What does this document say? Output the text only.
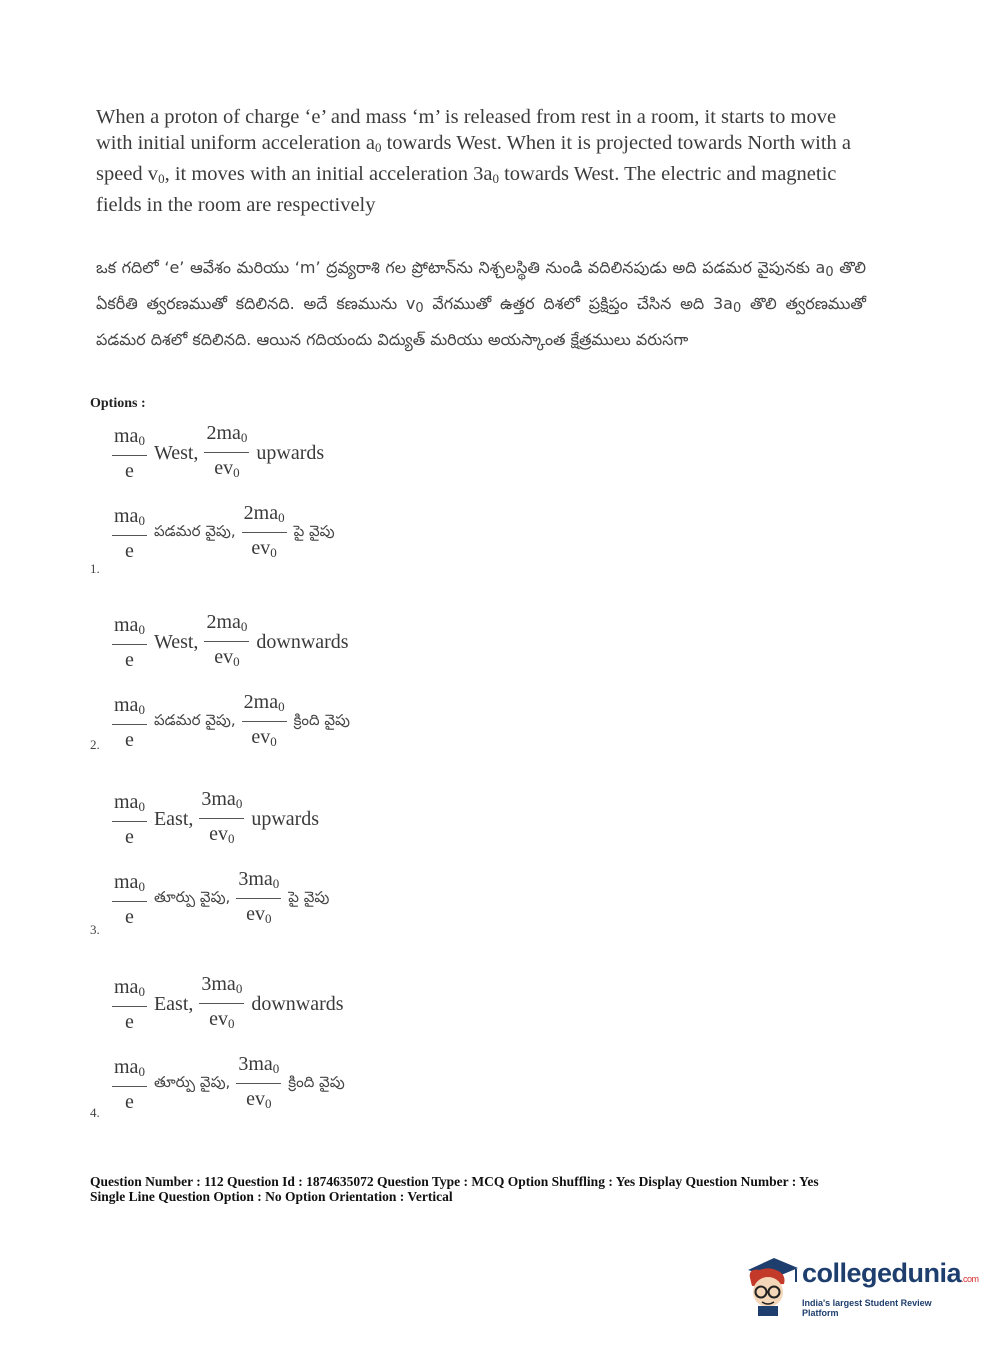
When a proton of charge ‘e’ and mass ‘m’ is released from rest in a room, it starts to move with initial uniform acceleration $a_0$ towards West. When it is projected towards North with a speed $v_0$, it moves with an initial acceleration $3a_0$ towards West. The electric and magnetic fields in the room are respectively

ఒక గదిలో ‘e’ ఆవేశం మరియు ‘m’ ద్రవ్యరాశి గల ప్రోటాన్‌ను నిశ్చలస్థితి నుండి వదిలినపుడు అది పడమర వైపునకు $a_0$ తొలి ఏకరీతి త్వరణముతో కదిలినది. అదే కణమును $v_0$ వేగముతో ఉత్తర దిశలో ప్రక్షిప్తం చేసిన అది $3a_0$ తొలి త్వరణముతో పడమర దిశలో కదిలినది. ఆయిన గదియందు విద్యుత్ మరియు అయస్కాంత క్షేత్రములు వరుసగా

Options :
$\frac{ma_0}{e}$ West, $\frac{2ma_0}{ev_0}$ upwards
$\frac{ma_0}{e}$ పడమర వైపు, $\frac{2ma_0}{ev_0}$ పై వైపు
1.
$\frac{ma_0}{e}$ West, $\frac{2ma_0}{ev_0}$ downwards
$\frac{ma_0}{e}$ పడమర వైపు, $\frac{2ma_0}{ev_0}$ క్రింది వైపు
2.
$\frac{ma_0}{e}$ East, $\frac{3ma_0}{ev_0}$ upwards
$\frac{ma_0}{e}$ తూర్పు వైపు, $\frac{3ma_0}{ev_0}$ పై వైపు
3.
$\frac{ma_0}{e}$ East, $\frac{3ma_0}{ev_0}$ downwards
$\frac{ma_0}{e}$ తూర్పు వైపు, $\frac{3ma_0}{ev_0}$ క్రింది వైపు
4.
Question Number : 112 Question Id : 1874635072 Question Type : MCQ Option Shuffling : Yes Display Question Number : Yes
Single Line Question Option : No Option Orientation : Vertical
collegedunia.com
India's largest Student Review Platform
